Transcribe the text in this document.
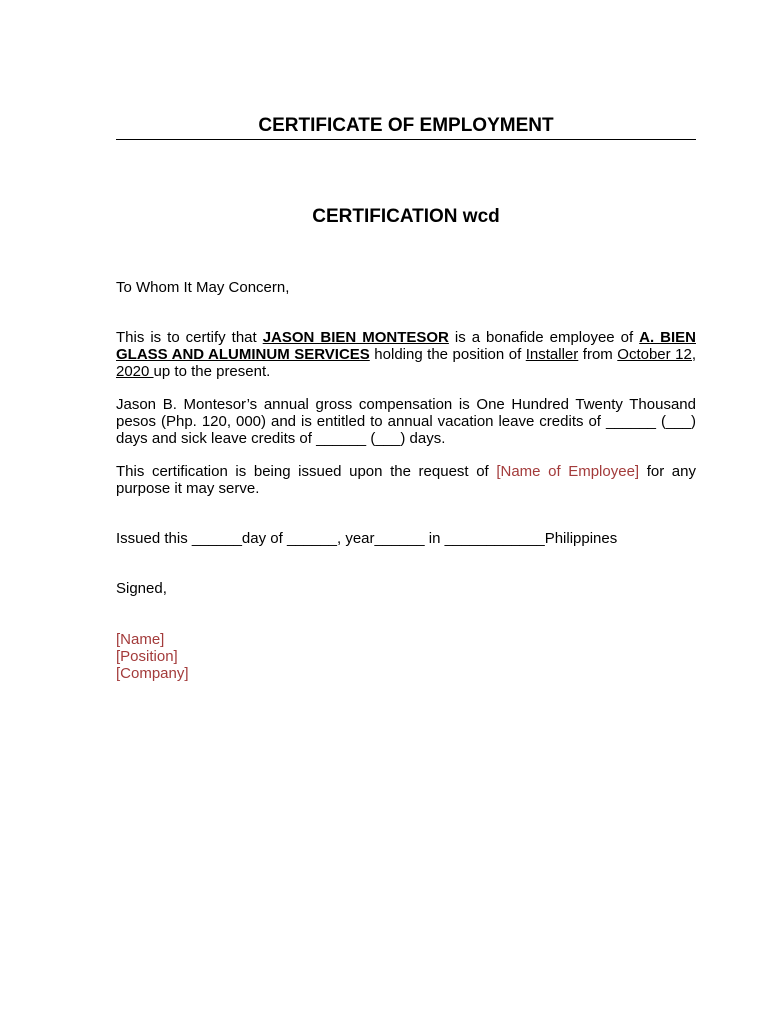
CERTIFICATE OF EMPLOYMENT
CERTIFICATION wcd

To Whom It May Concern,

This is to certify that JASON BIEN MONTESOR is a bonafide employee of A. BIEN GLASS AND ALUMINUM SERVICES holding the position of Installer from October 12, 2020 up to the present.

Jason B. Montesor’s annual gross compensation is One Hundred Twenty Thousand pesos (Php. 120, 000) and is entitled to annual vacation leave credits of ______ (___) days and sick leave credits of ______ (___) days.

This certification is being issued upon the request of [Name of Employee] for any purpose it may serve.

Issued this ______day of ______, year______ in ____________Philippines

Signed,

[Name]
[Position]
[Company]
